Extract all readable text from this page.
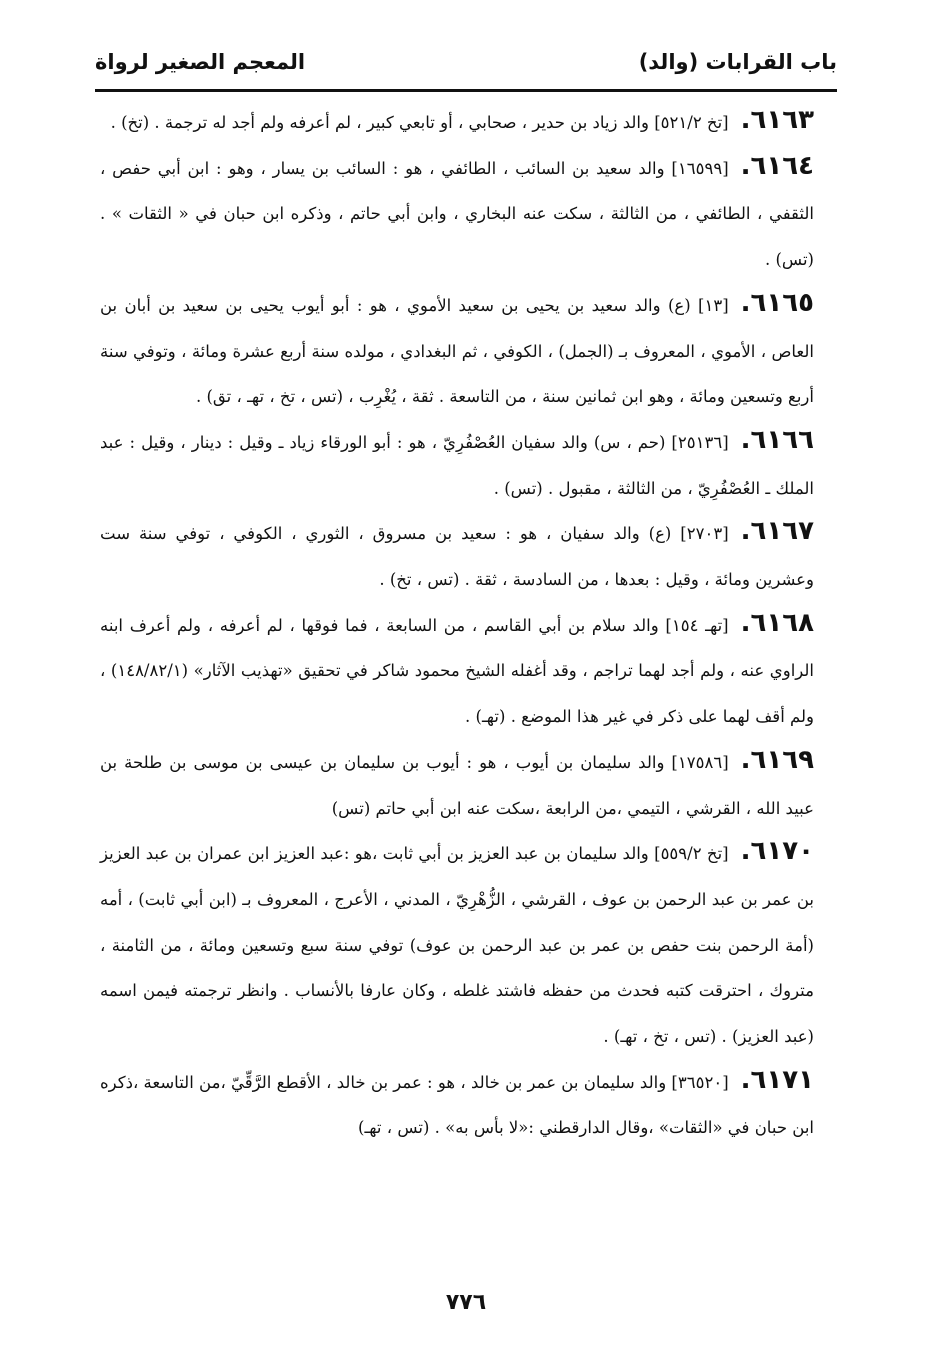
باب القرابات (والد)
المعجم الصغير لرواة

٦١٦٣.[تخ ٥٢١/٢] والد زياد بن حدير ، صحابي ، أو تابعي كبير ، لم أعرفه ولم أجد له ترجمة . (تخ) .

٦١٦٤.[١٦٥٩٩] والد سعيد بن السائب ، الطائفي ، هو : السائب بن يسار ، وهو : ابن أبي حفص ، الثقفي ، الطائفي ، من الثالثة ، سكت عنه البخاري ، وابن أبي حاتم ، وذكره ابن حبان في « الثقات » . (تس) .

٦١٦٥.[١٣] (ع) والد سعيد بن يحيى بن سعيد الأموي ، هو : أبو أيوب يحيى بن سعيد بن أبان بن العاص ، الأموي ، المعروف بـ (الجمل) ، الكوفي ، ثم البغدادي ، مولده سنة أربع عشرة ومائة ، وتوفي سنة أربع وتسعين ومائة ، وهو ابن ثمانين سنة ، من التاسعة . ثقة ، يُغْرِب ، (تس ، تخ ، تهـ ، تق) .

٦١٦٦.[٢٥١٣٦] (حم ، س) والد سفيان العُصْفُرِيّ ، هو : أبو الورقاء زياد ـ وقيل : دينار ، وقيل : عبد الملك ـ العُصْفُرِيّ ، من الثالثة ، مقبول . (تس) .

٦١٦٧.[٢٧٠٣] (ع) والد سفيان ، هو : سعيد بن مسروق ، الثوري ، الكوفي ، توفي سنة ست وعشرين ومائة ، وقيل : بعدها ، من السادسة ، ثقة . (تس ، تخ) .

٦١٦٨.[تهـ ١٥٤] والد سلام بن أبي القاسم ، من السابعة ، فما فوقها ، لم أعرفه ، ولم أعرف ابنه الراوي عنه ، ولم أجد لهما تراجم ، وقد أغفله الشيخ محمود شاكر في تحقيق «تهذيب الآثار» (١٤٨/٨٢/١) ، ولم أقف لهما على ذكر في غير هذا الموضع . (تهـ) .

٦١٦٩.[١٧٥٨٦] والد سليمان بن أيوب ، هو : أيوب بن سليمان بن عيسى بن موسى بن طلحة بن عبيد الله ، القرشي ، التيمي ،من الرابعة ،سكت عنه ابن أبي حاتم (تس)

٦١٧٠.[تخ ٥٥٩/٢] والد سليمان بن عبد العزيز بن أبي ثابت ،هو :عبد العزيز ابن عمران بن عبد العزيز بن عمر بن عبد الرحمن بن عوف ، القرشي ، الزُّهْرِيّ ، المدني ، الأعرج ، المعروف بـ (ابن أبي ثابت) ، أمه (أمة الرحمن بنت حفص بن عمر بن عبد الرحمن بن عوف) توفي سنة سبع وتسعين ومائة ، من الثامنة ، متروك ، احترقت كتبه فحدث من حفظه فاشتد غلطه ، وكان عارفا بالأنساب . وانظر ترجمته فيمن اسمه (عبد العزيز) . (تس ، تخ ، تهـ) .

٦١٧١.[٣٦٥٢٠] والد سليمان بن عمر بن خالد ، هو : عمر بن خالد ، الأقطع الرَّقِّيّ ،من التاسعة ،ذكره ابن حبان في «الثقات» ،وقال الدارقطني :«لا بأس به» . (تس ، تهـ)

٧٧٦
